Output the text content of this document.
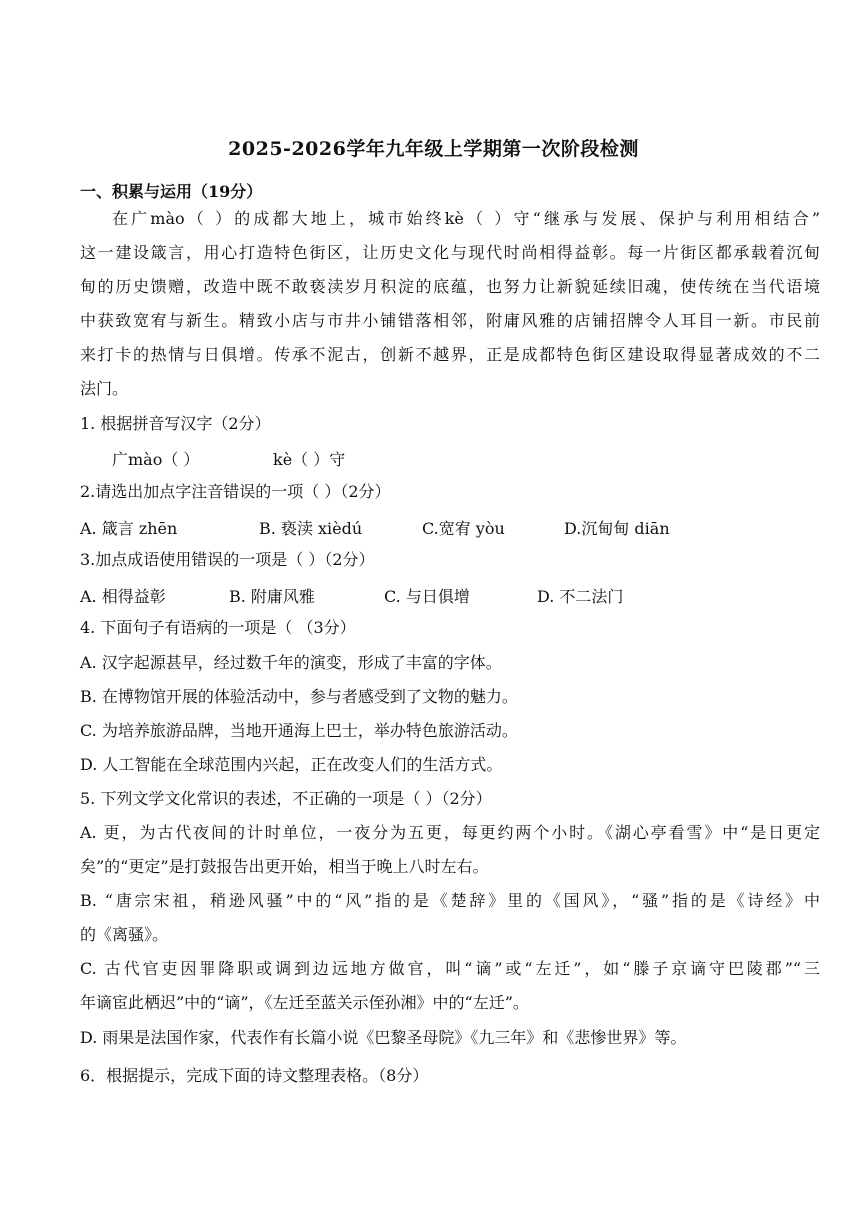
2025-2026学年九年级上学期第一次阶段检测
一、积累与运用（19分）
在广mào（ ）的成都大地上，城市始终kè（ ）守“继承与发展、保护与利用相结合”
这一建设箴言，用心打造特色街区，让历史文化与现代时尚相得益彰。每一片街区都承载着沉甸
甸的历史馈赠，改造中既不敢亵渎岁月积淀的底蕴，也努力让新貌延续旧魂，使传统在当代语境
中获致宽宥与新生。精致小店与市井小铺错落相邻，附庸风雅的店铺招牌令人耳目一新。市民前
来打卡的热情与日俱增。传承不泥古，创新不越界，正是成都特色街区建设取得显著成效的不二
法门。
1. 根据拼音写汉字（2分）
广mào（ ）	kè（ ）守
2.请选出加点字注音错误的一项（ ）（2分）
A. 箴言 zhēn	B. 亵渎 xièdú	C.宽宥 yòu	D.沉甸甸 diān
3.加点成语使用错误的一项是（ ）（2分）
A. 相得益彰	B. 附庸风雅	C. 与日俱增	D. 不二法门
4. 下面句子有语病的一项是（ （3分）
A. 汉字起源甚早，经过数千年的演变，形成了丰富的字体。
B. 在博物馆开展的体验活动中，参与者感受到了文物的魅力。
C. 为培养旅游品牌，当地开通海上巴士，举办特色旅游活动。
D. 人工智能在全球范围内兴起，正在改变人们的生活方式。
5. 下列文学文化常识的表述，不正确的一项是（ ）（2分）
A. 更，为古代夜间的计时单位，一夜分为五更，每更约两个小时。《湖心亭看雪》中“是日更定
矣”的“更定”是打鼓报告出更开始，相当于晚上八时左右。
B. “唐宗宋祖，稍逊风骚”中的“风”指的是《楚辞》里的《国风》，“骚”指的是《诗经》中
的《离骚》。
C. 古代官吏因罪降职或调到边远地方做官，叫“谪”或“左迁”，如“滕子京谪守巴陵郡”“三
年谪宦此栖迟”中的“谪”，《左迁至蓝关示侄孙湘》中的“左迁”。
D. 雨果是法国作家，代表作有长篇小说《巴黎圣母院》《九三年》和《悲惨世界》等。
6．根据提示，完成下面的诗文整理表格。（8分）
